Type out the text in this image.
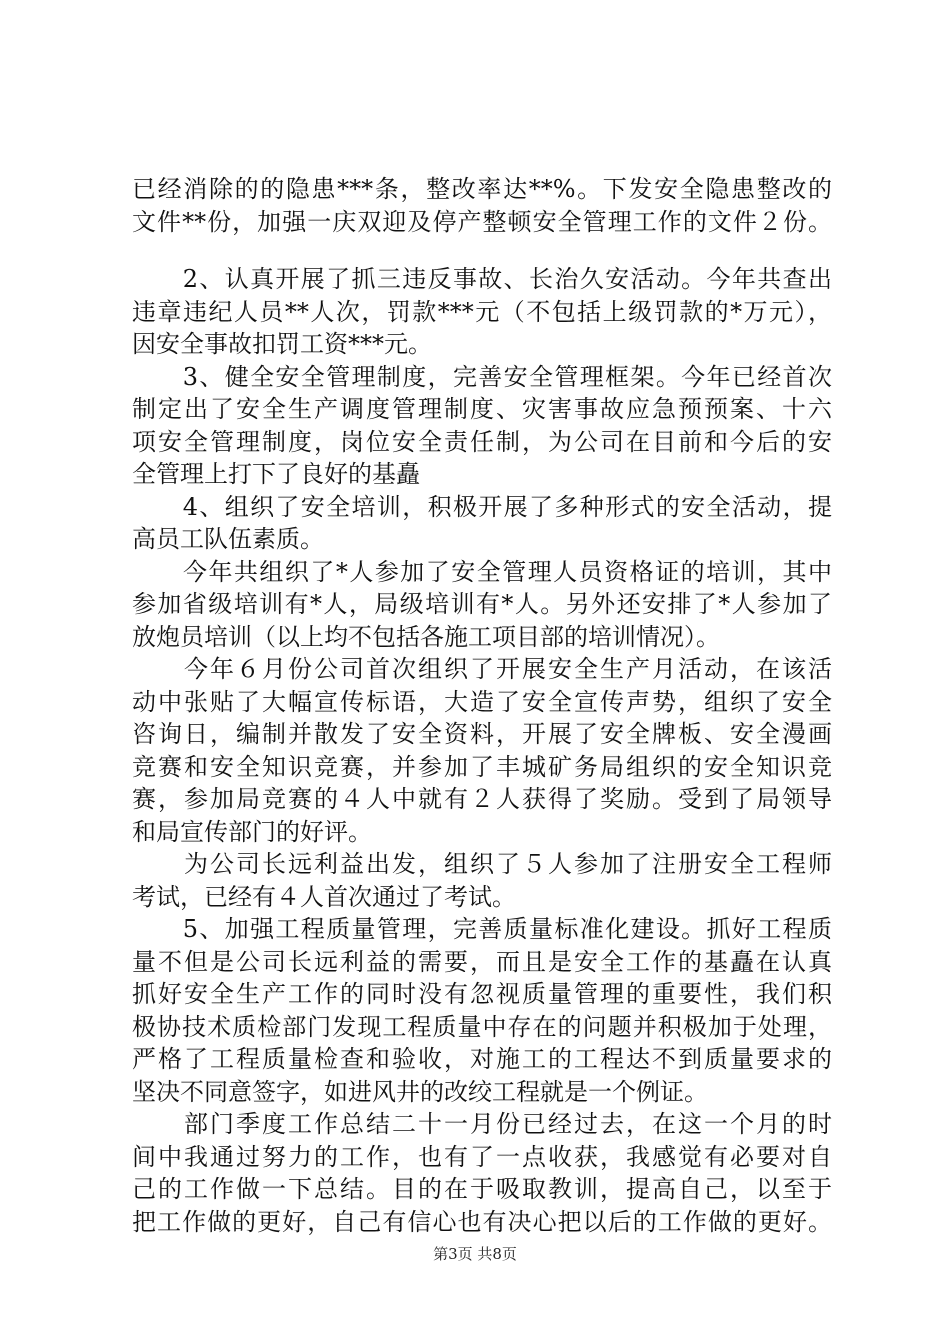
已经消除的的隐患***条，整改率达**%。下发安全隐患整改的
文件**份，加强一庆双迎及停产整顿安全管理工作的文件２份。
　　2、认真开展了抓三违反事故、长治久安活动。今年共查出
违章违纪人员**人次，罚款***元（不包括上级罚款的*万元），
因安全事故扣罚工资***元。
　　3、健全安全管理制度，完善安全管理框架。今年已经首次
制定出了安全生产调度管理制度、灾害事故应急预预案、十六
项安全管理制度，岗位安全责任制，为公司在目前和今后的安
全管理上打下了良好的基矗
　　4、组织了安全培训，积极开展了多种形式的安全活动，提
高员工队伍素质。
　　今年共组织了*人参加了安全管理人员资格证的培训，其中
参加省级培训有*人，局级培训有*人。另外还安排了*人参加了
放炮员培训（以上均不包括各施工项目部的培训情况）。
　　今年６月份公司首次组织了开展安全生产月活动，在该活
动中张贴了大幅宣传标语，大造了安全宣传声势，组织了安全
咨询日，编制并散发了安全资料，开展了安全牌板、安全漫画
竞赛和安全知识竞赛，并参加了丰城矿务局组织的安全知识竞
赛，参加局竞赛的４人中就有２人获得了奖励。受到了局领导
和局宣传部门的好评。
　　为公司长远利益出发，组织了５人参加了注册安全工程师
考试，已经有４人首次通过了考试。
　　5、加强工程质量管理，完善质量标准化建设。抓好工程质
量不但是公司长远利益的需要，而且是安全工作的基矗在认真
抓好安全生产工作的同时没有忽视质量管理的重要性，我们积
极协技术质检部门发现工程质量中存在的问题并积极加于处理，
严格了工程质量检查和验收，对施工的工程达不到质量要求的
坚决不同意签字，如进风井的改绞工程就是一个例证。
　　部门季度工作总结二十一月份已经过去，在这一个月的时
间中我通过努力的工作，也有了一点收获，我感觉有必要对自
己的工作做一下总结。目的在于吸取教训，提高自己，以至于
把工作做的更好，自己有信心也有决心把以后的工作做的更好。
第3页 共8页
